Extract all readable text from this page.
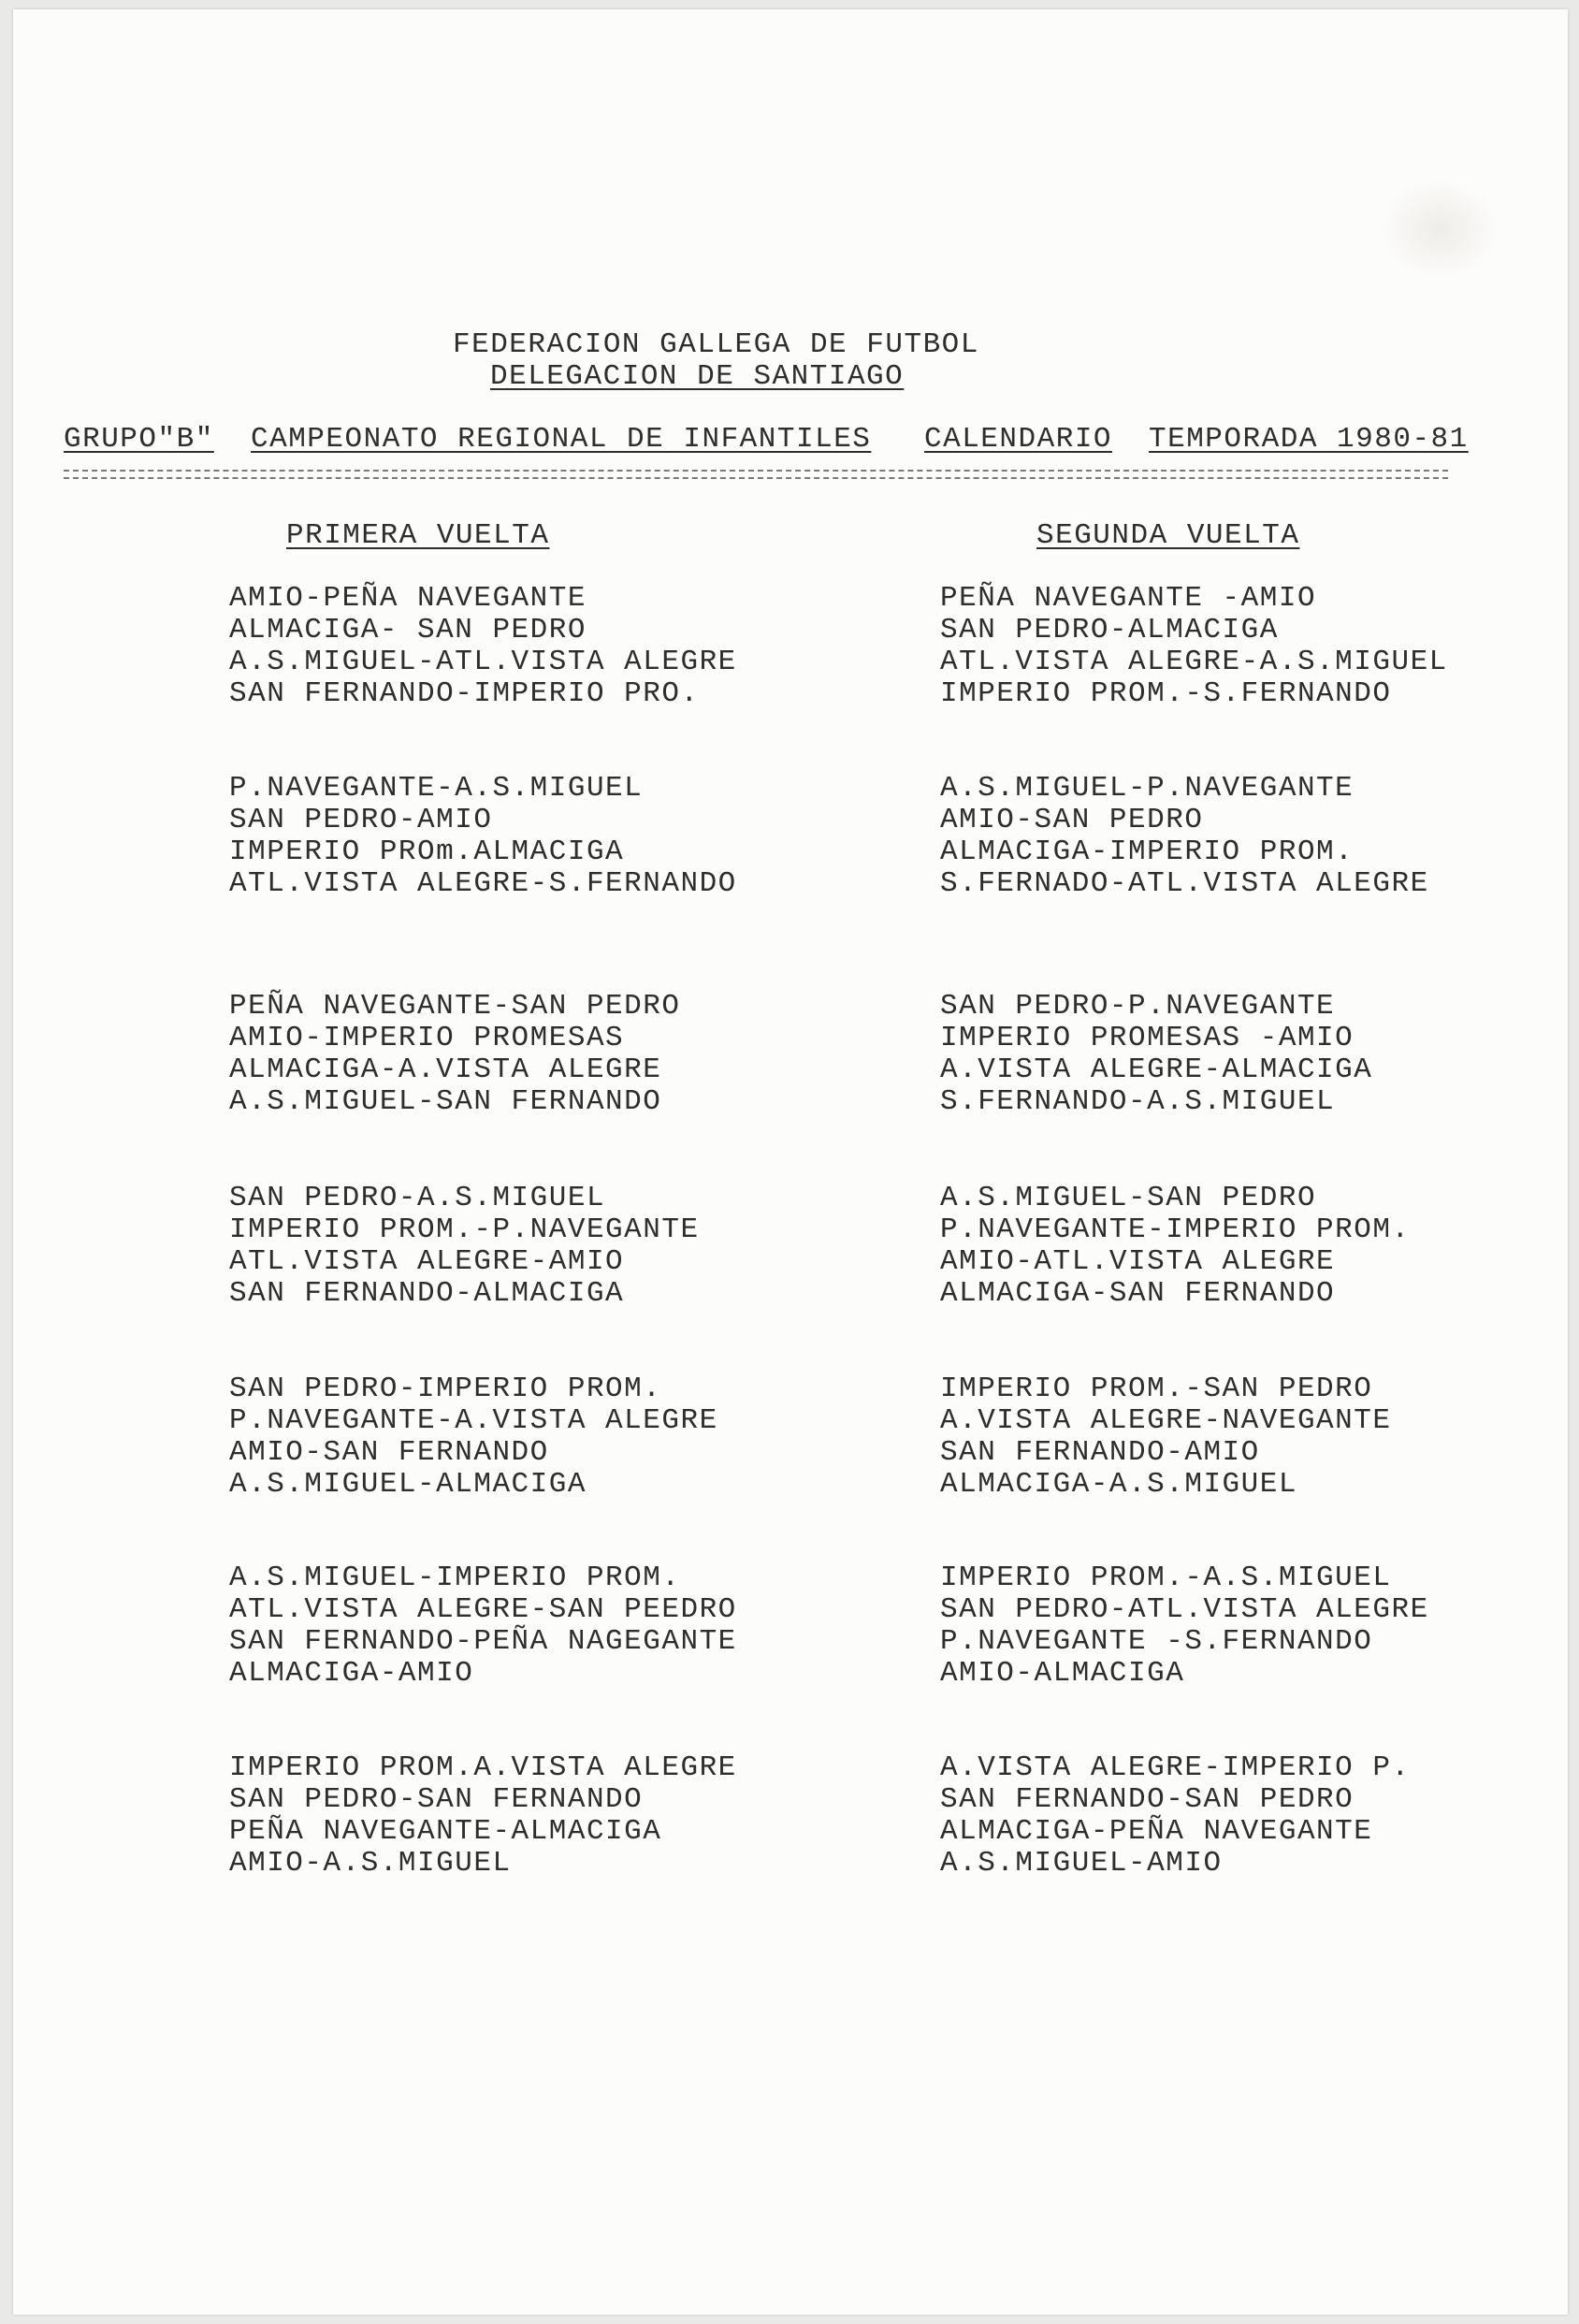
FEDERACION GALLEGA DE FUTBOL
DELEGACION DE SANTIAGO
GRUPO"B" CAMPEONATO REGIONAL DE INFANTILES CALENDARIO TEMPORADA 1980-81
PRIMERA VUELTA	SEGUNDA VUELTA
AMIO-PEÑA NAVEGANTE
ALMACIGA- SAN PEDRO
A.S.MIGUEL-ATL.VISTA ALEGRE
SAN FERNANDO-IMPERIO PRO.
PEÑA NAVEGANTE -AMIO
SAN PEDRO-ALMACIGA
ATL.VISTA ALEGRE-A.S.MIGUEL
IMPERIO PROM.-S.FERNANDO
P.NAVEGANTE-A.S.MIGUEL
SAN PEDRO-AMIO
IMPERIO PROm.ALMACIGA
ATL.VISTA ALEGRE-S.FERNANDO
A.S.MIGUEL-P.NAVEGANTE
AMIO-SAN PEDRO
ALMACIGA-IMPERIO PROM.
S.FERNADO-ATL.VISTA ALEGRE
PEÑA NAVEGANTE-SAN PEDRO
AMIO-IMPERIO PROMESAS
ALMACIGA-A.VISTA ALEGRE
A.S.MIGUEL-SAN FERNANDO
SAN PEDRO-P.NAVEGANTE
IMPERIO PROMESAS -AMIO
A.VISTA ALEGRE-ALMACIGA
S.FERNANDO-A.S.MIGUEL
SAN PEDRO-A.S.MIGUEL
IMPERIO PROM.-P.NAVEGANTE
ATL.VISTA ALEGRE-AMIO
SAN FERNANDO-ALMACIGA
A.S.MIGUEL-SAN PEDRO
P.NAVEGANTE-IMPERIO PROM.
AMIO-ATL.VISTA ALEGRE
ALMACIGA-SAN FERNANDO
SAN PEDRO-IMPERIO PROM.
P.NAVEGANTE-A.VISTA ALEGRE
AMIO-SAN FERNANDO
A.S.MIGUEL-ALMACIGA
IMPERIO PROM.-SAN PEDRO
A.VISTA ALEGRE-NAVEGANTE
SAN FERNANDO-AMIO
ALMACIGA-A.S.MIGUEL
A.S.MIGUEL-IMPERIO PROM.
ATL.VISTA ALEGRE-SAN PEEDRO
SAN FERNANDO-PEÑA NAGEGANTE
ALMACIGA-AMIO
IMPERIO PROM.-A.S.MIGUEL
SAN PEDRO-ATL.VISTA ALEGRE
P.NAVEGANTE -S.FERNANDO
AMIO-ALMACIGA
IMPERIO PROM.A.VISTA ALEGRE
SAN PEDRO-SAN FERNANDO
PEÑA NAVEGANTE-ALMACIGA
AMIO-A.S.MIGUEL
A.VISTA ALEGRE-IMPERIO P.
SAN FERNANDO-SAN PEDRO
ALMACIGA-PEÑA NAVEGANTE
A.S.MIGUEL-AMIO
